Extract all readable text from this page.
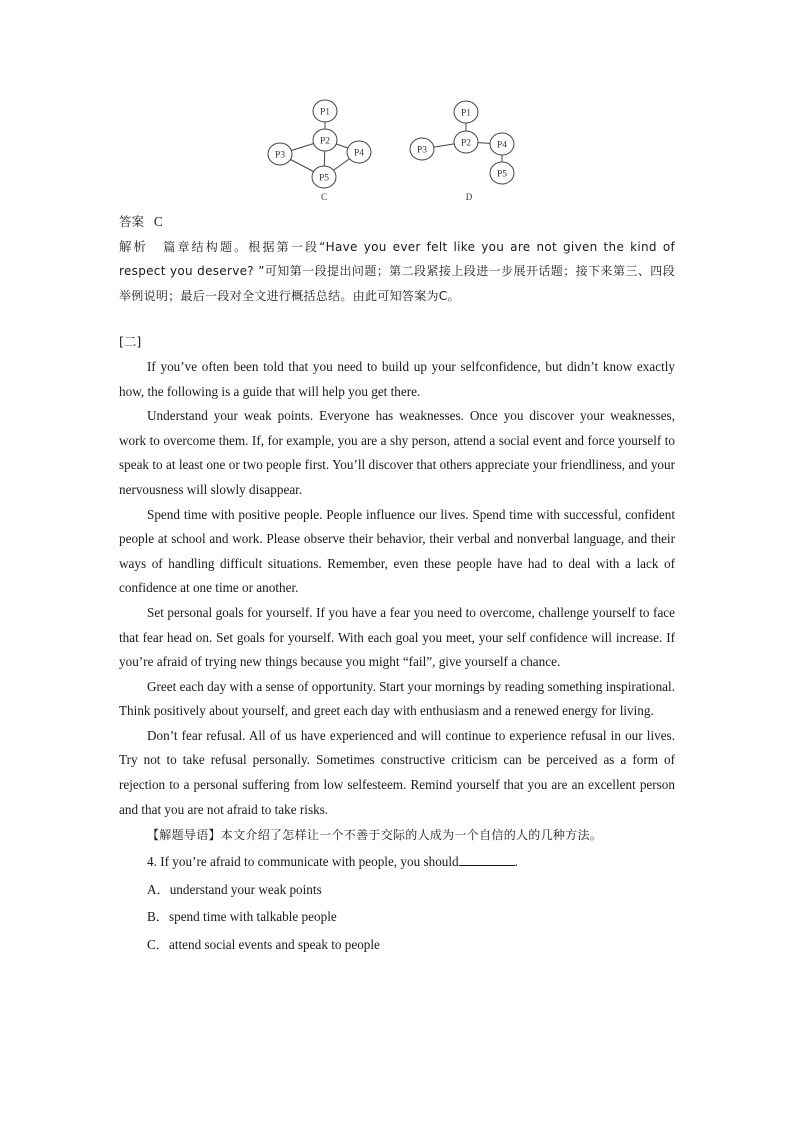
P1
P2
P3	P4
P5
C
P1
P2
P3	P4
P5
D

答案 C

解析 篇章结构题。根据第一段“Have you ever felt like you are not given the kind of respect you deserve? ”可知第一段提出问题；第二段紧接上段进一步展开话题；接下来第三、四段举例说明；最后一段对全文进行概括总结。由此可知答案为C。

[二]

If you’ve often been told that you need to build up your selfconfidence, but didn’t know exactly how, the following is a guide that will help you get there.

Understand your weak points. Everyone has weaknesses. Once you discover your weaknesses, work to overcome them. If, for example, you are a shy person, attend a social event and force yourself to speak to at least one or two people first. You’ll discover that others appreciate your friendliness, and your nervousness will slowly disappear.

Spend time with positive people. People influence our lives. Spend time with successful, confident people at school and work. Please observe their behavior, their verbal and nonverbal language, and their ways of handling difficult situations. Remember, even these people have had to deal with a lack of confidence at one time or another.

Set personal goals for yourself. If you have a fear you need to overcome, challenge yourself to face that fear head on. Set goals for yourself. With each goal you meet, your self confidence will increase. If you’re afraid of trying new things because you might “fail”, give yourself a chance.

Greet each day with a sense of opportunity. Start your mornings by reading something inspirational. Think positively about yourself, and greet each day with enthusiasm and a renewed energy for living.

Don’t fear refusal. All of us have experienced and will continue to experience refusal in our lives. Try not to take refusal personally. Sometimes constructive criticism can be perceived as a form of rejection to a personal suffering from low selfesteem. Remind yourself that you are an excellent person and that you are not afraid to take risks.

【解题导语】本文介绍了怎样让一个不善于交际的人成为一个自信的人的几种方法。

4. If you’re afraid to communicate with people, you should	.

A．understand your weak points

B．spend time with talkable people

C．attend social events and speak to people
